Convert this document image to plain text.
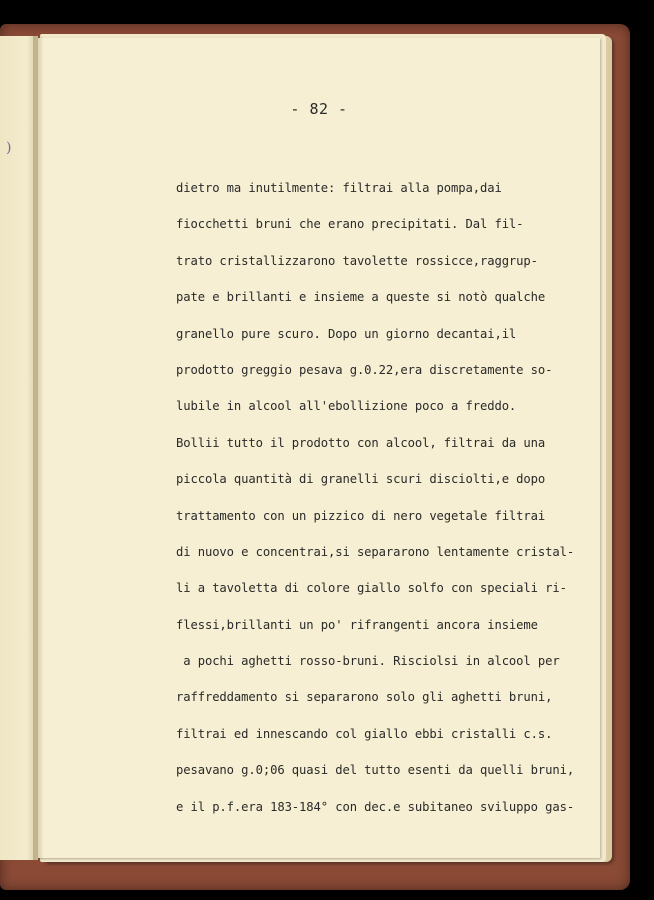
)
- 82 -
dietro ma inutilmente: filtrai alla pompa,dai
fiocchetti bruni che erano precipitati. Dal fil-
trato cristallizzarono tavolette rossicce,raggrup-
pate e brillanti e insieme a queste si notò qualche
granello pure scuro. Dopo un giorno decantai,il
prodotto greggio pesava g.0.22,era discretamente so-
lubile in alcool all'ebollizione poco a freddo.
Bollii tutto il prodotto con alcool, filtrai da una
piccola quantità di granelli scuri disciolti,e dopo
trattamento con un pizzico di nero vegetale filtrai
di nuovo e concentrai,si separarono lentamente cristal-
li a tavoletta di colore giallo solfo con speciali ri-
flessi,brillanti un po' rifrangenti ancora insieme
a pochi aghetti rosso-bruni. Risciolsi in alcool per
raffreddamento si separarono solo gli aghetti bruni,
filtrai ed innescando col giallo ebbi cristalli c.s.
pesavano g.0;06 quasi del tutto esenti da quelli bruni,
e il p.f.era 183-184° con dec.e subitaneo sviluppo gas-
